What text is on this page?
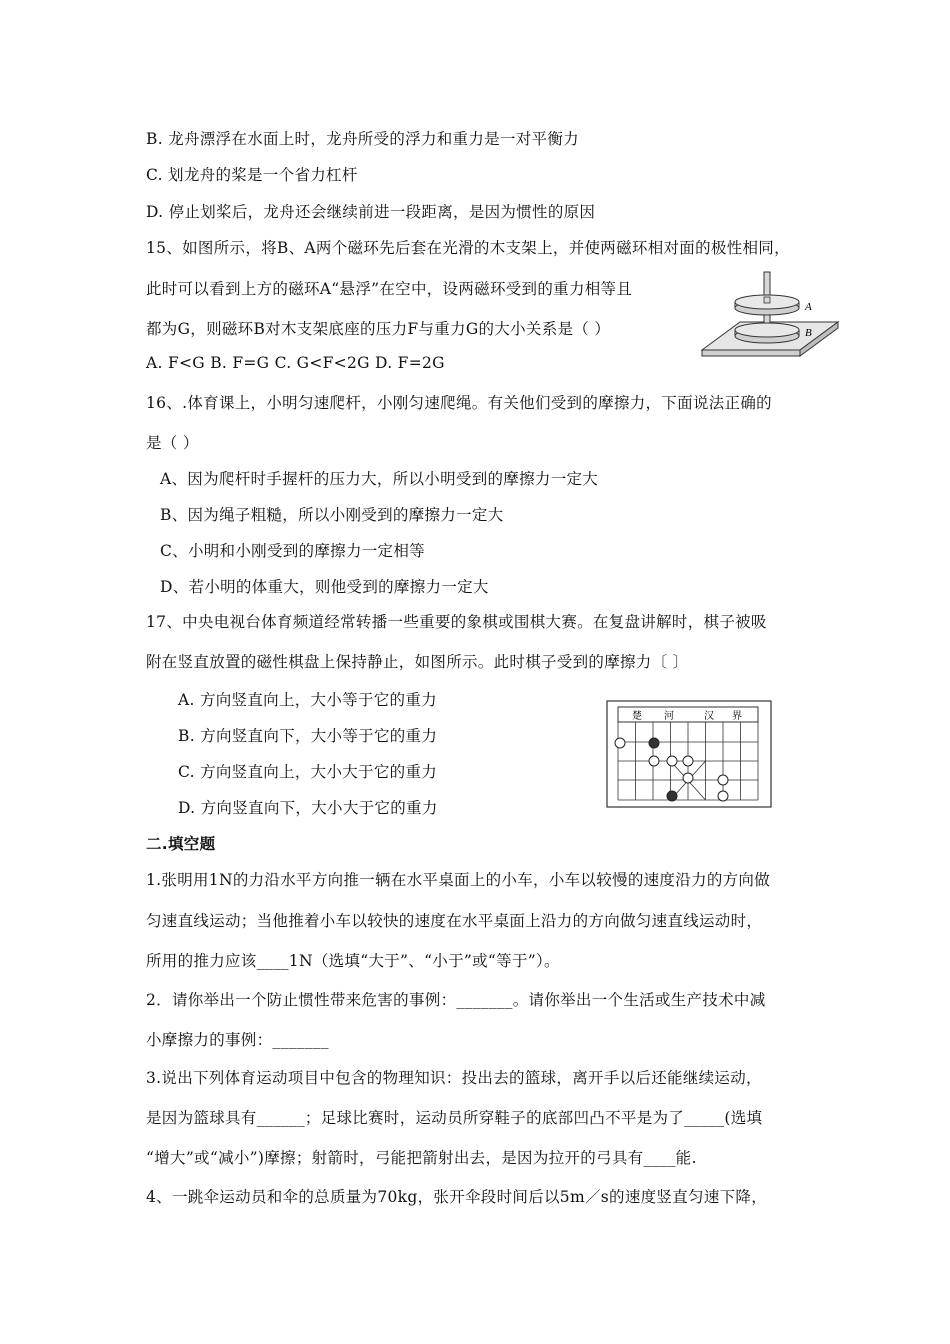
B. 龙舟漂浮在水面上时，龙舟所受的浮力和重力是一对平衡力
C. 划龙舟的桨是一个省力杠杆
D. 停止划桨后，龙舟还会继续前进一段距离，是因为惯性的原因
15、如图所示，将B、A两个磁环先后套在光滑的木支架上，并使两磁环相对面的极性相同，
此时可以看到上方的磁环A“悬浮”在空中，设两磁环受到的重力相等且
都为G，则磁环B对木支架底座的压力F与重力G的大小关系是（ ）
A. F<G B. F=G C. G<F<2G D. F=2G
16、.体育课上，小明匀速爬杆，小刚匀速爬绳。有关他们受到的摩擦力，下面说法正确的
是（ ）
A、因为爬杆时手握杆的压力大，所以小明受到的摩擦力一定大
B、因为绳子粗糙，所以小刚受到的摩擦力一定大
C、小明和小刚受到的摩擦力一定相等
D、若小明的体重大，则他受到的摩擦力一定大
17、中央电视台体育频道经常转播一些重要的象棋或围棋大赛。在复盘讲解时，棋子被吸
附在竖直放置的磁性棋盘上保持静止，如图所示。此时棋子受到的摩擦力〔 〕
A. 方向竖直向上，大小等于它的重力
B. 方向竖直向下，大小等于它的重力
C. 方向竖直向上，大小大于它的重力
D. 方向竖直向下，大小大于它的重力
二.填空题
1.张明用1N的力沿水平方向推一辆在水平桌面上的小车，小车以较慢的速度沿力的方向做
匀速直线运动；当他推着小车以较快的速度在水平桌面上沿力的方向做匀速直线运动时，
所用的推力应该____1N（选填“大于”、“小于”或“等于”）。
2．请你举出一个防止惯性带来危害的事例：_______。请你举出一个生活或生产技术中减
小摩擦力的事例：_______
3.说出下列体育运动项目中包含的物理知识：投出去的篮球，离开手以后还能继续运动，
是因为篮球具有______；足球比赛时，运动员所穿鞋子的底部凹凸不平是为了_____(选填
“增大”或“减小”)摩擦；射箭时，弓能把箭射出去，是因为拉开的弓具有____能.
4、一跳伞运动员和伞的总质量为70kg，张开伞段时间后以5m／s的速度竖直匀速下降，
A
B
楚 河	汉 界
